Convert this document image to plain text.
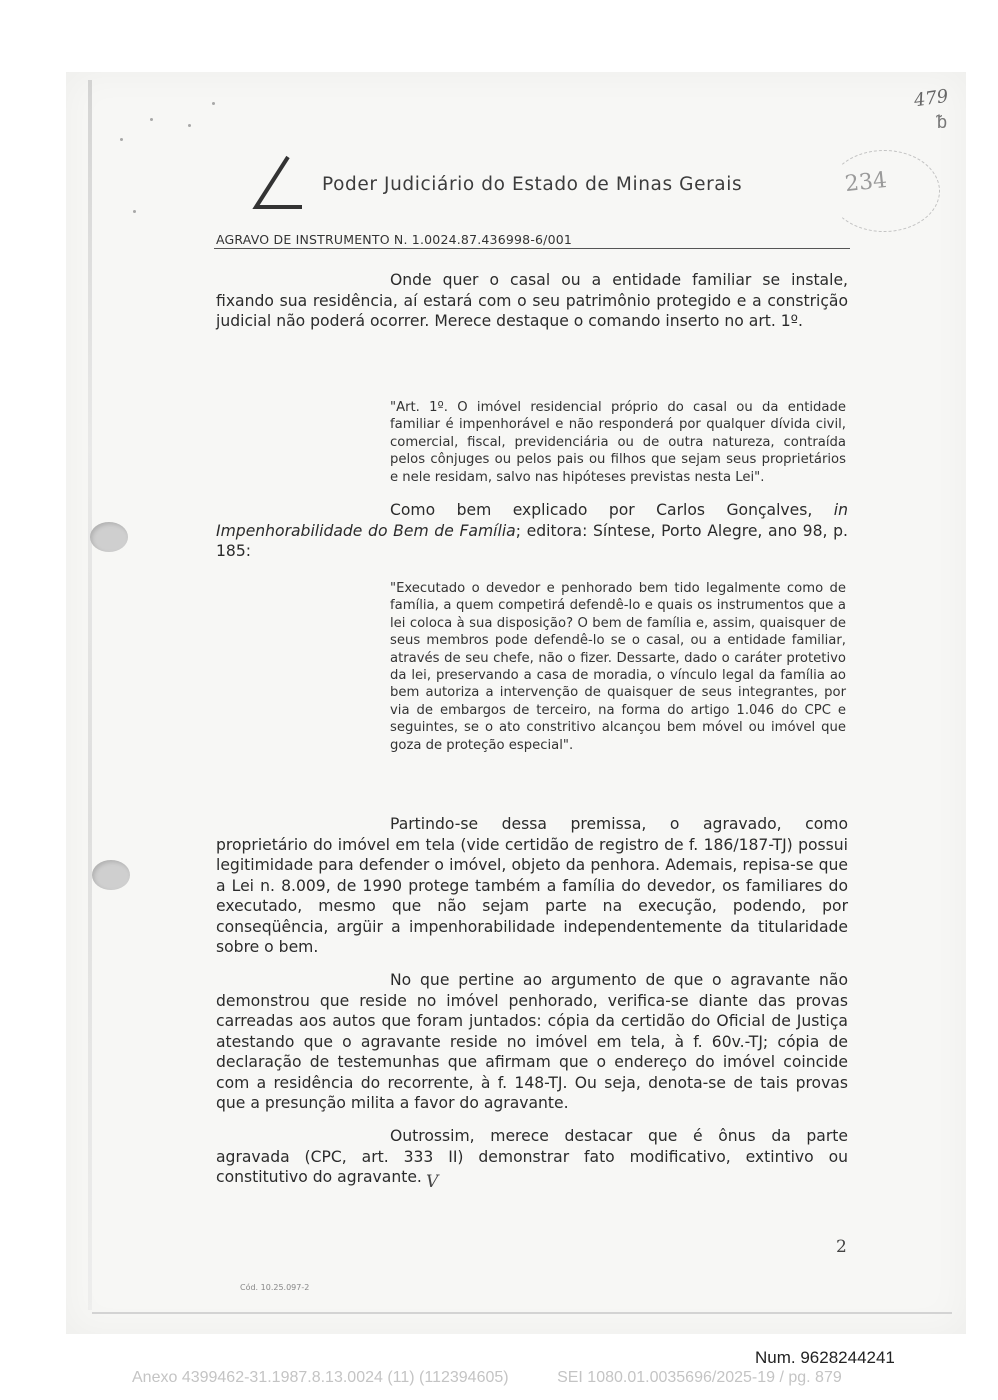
Poder Judiciário do Estado de Minas Gerais
AGRAVO DE INSTRUMENTO N. 1.0024.87.436998-6/001
479
ᵬ
234
Onde quer o casal ou a entidade familiar se instale, fixando sua residência, aí estará com o seu patrimônio protegido e a constrição judicial não poderá ocorrer. Merece destaque o comando inserto no art. 1º.
"Art. 1º. O imóvel residencial próprio do casal ou da entidade familiar é impenhorável e não responderá por qualquer dívida civil, comercial, fiscal, previdenciária ou de outra natureza, contraída pelos cônjuges ou pelos pais ou filhos que sejam seus proprietários e nele residam, salvo nas hipóteses previstas nesta Lei".
Como bem explicado por Carlos Gonçalves, in Impenhorabilidade do Bem de Família; editora: Síntese, Porto Alegre, ano 98, p. 185:
"Executado o devedor e penhorado bem tido legalmente como de família, a quem competirá defendê-lo e quais os instrumentos que a lei coloca à sua disposição? O bem de família e, assim, quaisquer de seus membros pode defendê-lo se o casal, ou a entidade familiar, através de seu chefe, não o fizer. Dessarte, dado o caráter protetivo da lei, preservando a casa de moradia, o vínculo legal da família ao bem autoriza a intervenção de quaisquer de seus integrantes, por via de embargos de terceiro, na forma do artigo 1.046 do CPC e seguintes, se o ato constritivo alcançou bem móvel ou imóvel que goza de proteção especial".
Partindo-se dessa premissa, o agravado, como proprietário do imóvel em tela (vide certidão de registro de f. 186/187-TJ) possui legitimidade para defender o imóvel, objeto da penhora. Ademais, repisa-se que a Lei n. 8.009, de 1990 protege também a família do devedor, os familiares do executado, mesmo que não sejam parte na execução, podendo, por conseqüência, argüir a impenhorabilidade independentemente da titularidade sobre o bem.
No que pertine ao argumento de que o agravante não demonstrou que reside no imóvel penhorado, verifica-se diante das provas carreadas aos autos que foram juntados: cópia da certidão do Oficial de Justiça atestando que o agravante reside no imóvel em tela, à f. 60v.-TJ; cópia de declaração de testemunhas que afirmam que o endereço do imóvel coincide com a residência do recorrente, à f. 148-TJ. Ou seja, denota-se de tais provas que a presunção milita a favor do agravante.
Outrossim, merece destacar que é ônus da parte agravada (CPC, art. 333 II) demonstrar fato modificativo, extintivo ou constitutivo do agravante. V
2
Cód. 10.25.097-2
Num. 9628244241
Anexo 4399462-31.1987.8.13.0024 (11) (112394605)	SEI 1080.01.0035696/2025-19 / pg. 879
